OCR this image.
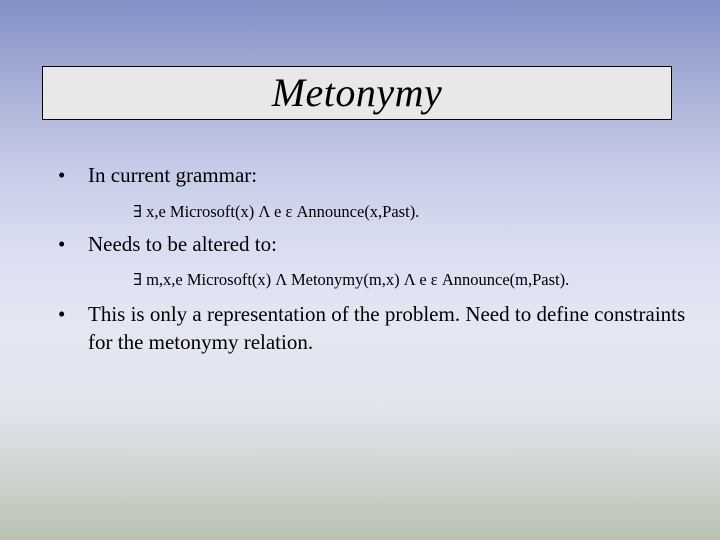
Metonymy
•	In current grammar:
∃ x,e Microsoft(x) Λ e ε Announce(x,Past).
•	Needs to be altered to:
∃ m,x,e Microsoft(x) Λ Metonymy(m,x) Λ e ε Announce(m,Past).
•	This is only a representation of the problem. Need to define constraints for the metonymy relation.
